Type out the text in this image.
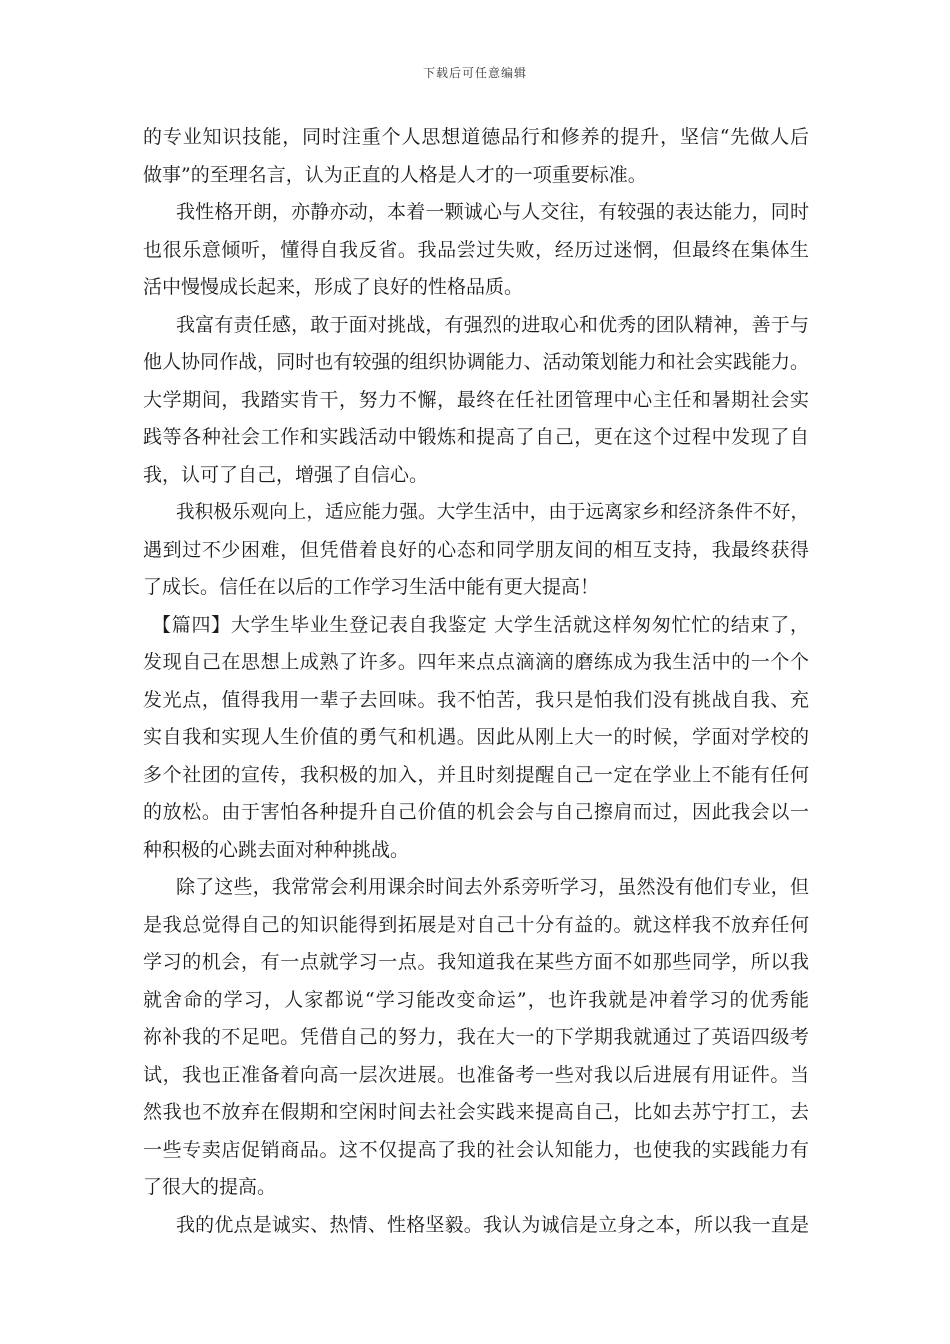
下载后可任意编辑
的专业知识技能，同时注重个人思想道德品行和修养的提升，坚信“先做人后
做事”的至理名言，认为正直的人格是人才的一项重要标准。
我性格开朗，亦静亦动，本着一颗诚心与人交往，有较强的表达能力，同时
也很乐意倾听，懂得自我反省。我品尝过失败，经历过迷惘，但最终在集体生
活中慢慢成长起来，形成了良好的性格品质。
我富有责任感，敢于面对挑战，有强烈的进取心和优秀的团队精神，善于与
他人协同作战，同时也有较强的组织协调能力、活动策划能力和社会实践能力。
大学期间，我踏实肯干，努力不懈，最终在任社团管理中心主任和暑期社会实
践等各种社会工作和实践活动中锻炼和提高了自己，更在这个过程中发现了自
我，认可了自己，增强了自信心。
我积极乐观向上，适应能力强。大学生活中，由于远离家乡和经济条件不好，
遇到过不少困难，但凭借着良好的心态和同学朋友间的相互支持，我最终获得
了成长。信任在以后的工作学习生活中能有更大提高！
【篇四】大学生毕业生登记表自我鉴定 大学生活就这样匆匆忙忙的结束了，
发现自己在思想上成熟了许多。四年来点点滴滴的磨练成为我生活中的一个个
发光点，值得我用一辈子去回味。我不怕苦，我只是怕我们没有挑战自我、充
实自我和实现人生价值的勇气和机遇。因此从刚上大一的时候，学面对学校的
多个社团的宣传，我积极的加入，并且时刻提醒自己一定在学业上不能有任何
的放松。由于害怕各种提升自己价值的机会会与自己擦肩而过，因此我会以一
种积极的心跳去面对种种挑战。
除了这些，我常常会利用课余时间去外系旁听学习，虽然没有他们专业，但
是我总觉得自己的知识能得到拓展是对自己十分有益的。就这样我不放弃任何
学习的机会，有一点就学习一点。我知道我在某些方面不如那些同学，所以我
就舍命的学习，人家都说“学习能改变命运”，也许我就是冲着学习的优秀能
祢补我的不足吧。凭借自己的努力，我在大一的下学期我就通过了英语四级考
试，我也正准备着向高一层次进展。也准备考一些对我以后进展有用证件。当
然我也不放弃在假期和空闲时间去社会实践来提高自己，比如去苏宁打工，去
一些专卖店促销商品。这不仅提高了我的社会认知能力，也使我的实践能力有
了很大的提高。
我的优点是诚实、热情、性格坚毅。我认为诚信是立身之本，所以我一直是
